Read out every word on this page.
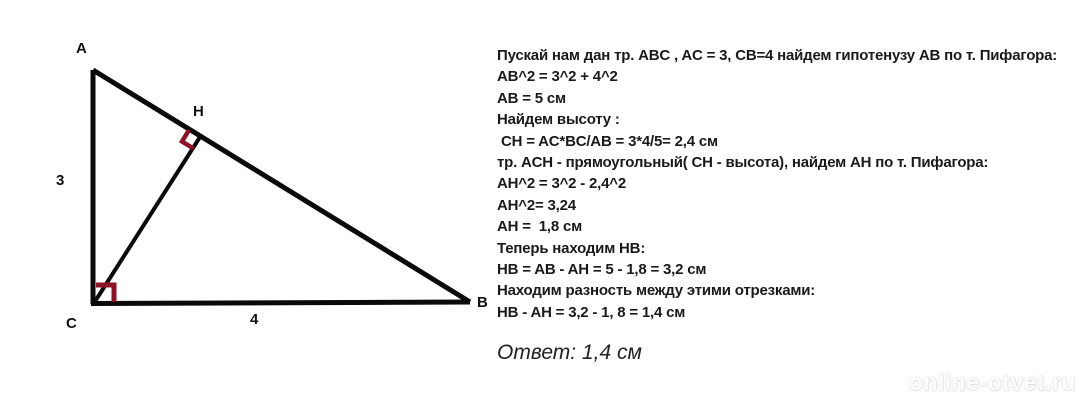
A
H
3
C	4
B
Пускай нам дан тр. ABC , AC = 3, CB=4 найдем гипотенузу AB по т. Пифагора:
AB^2 = 3^2 + 4^2
AB = 5 см
Найдем высоту :
CH = AC*BC/AB = 3*4/5= 2,4 см
тр. ACH - прямоугольный( CH - высота), найдем AH по т. Пифагора:
AH^2 = 3^2 - 2,4^2
AH^2= 3,24
AH =  1,8 см
Теперь находим HB:
HB = AB - AH = 5 - 1,8 = 3,2 см
Находим разность между этими отрезками:
HB - AH = 3,2 - 1, 8 = 1,4 см
Ответ: 1,4 см
online-otvet.ru
